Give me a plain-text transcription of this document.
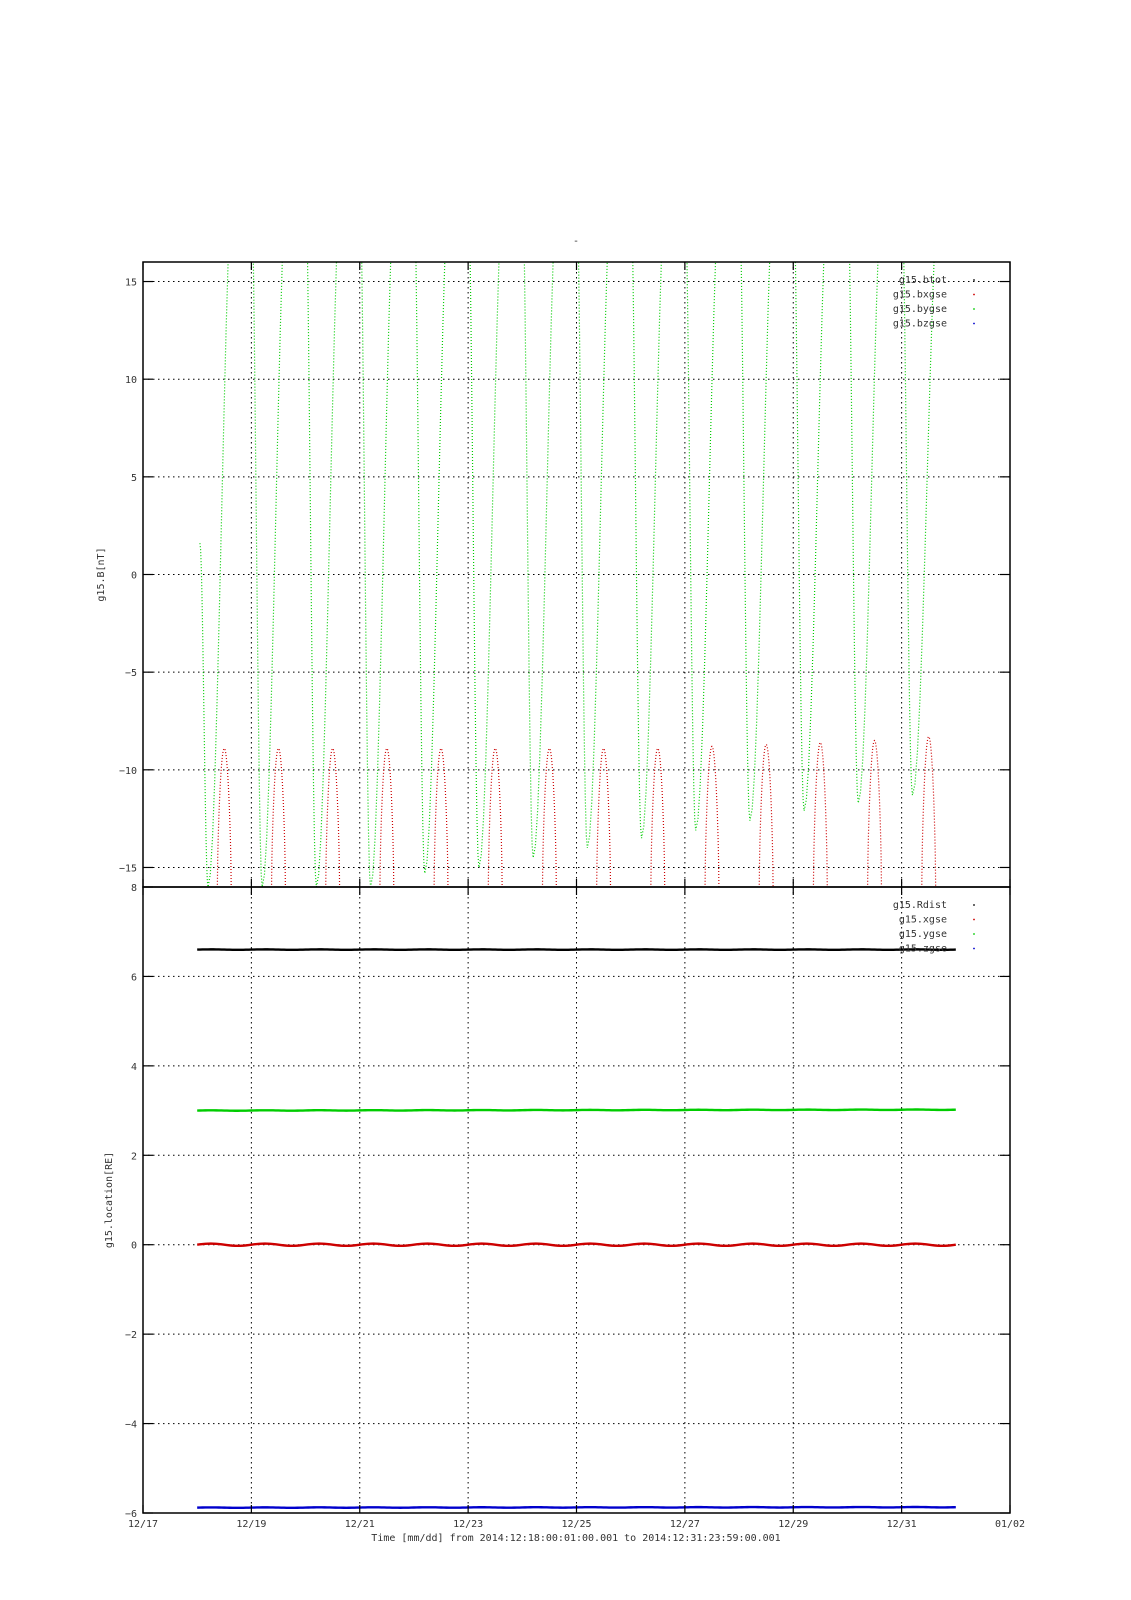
-
15
10
5
0
−5
−10
−15
g15.B[nT]
g15.btot
g15.bxgse
g15.bygse
g15.bzgse
8
6
4
2
0
−2
−4
−6
g15.location[RE]
g15.Rdist
g15.xgse
g15.ygse
g15.zgse
12/17	12/19	12/21	12/23	12/25	12/27	12/29	12/31	01/02
Time [mm/dd] from 2014:12:18:00:01:00.001 to 2014:12:31:23:59:00.001
